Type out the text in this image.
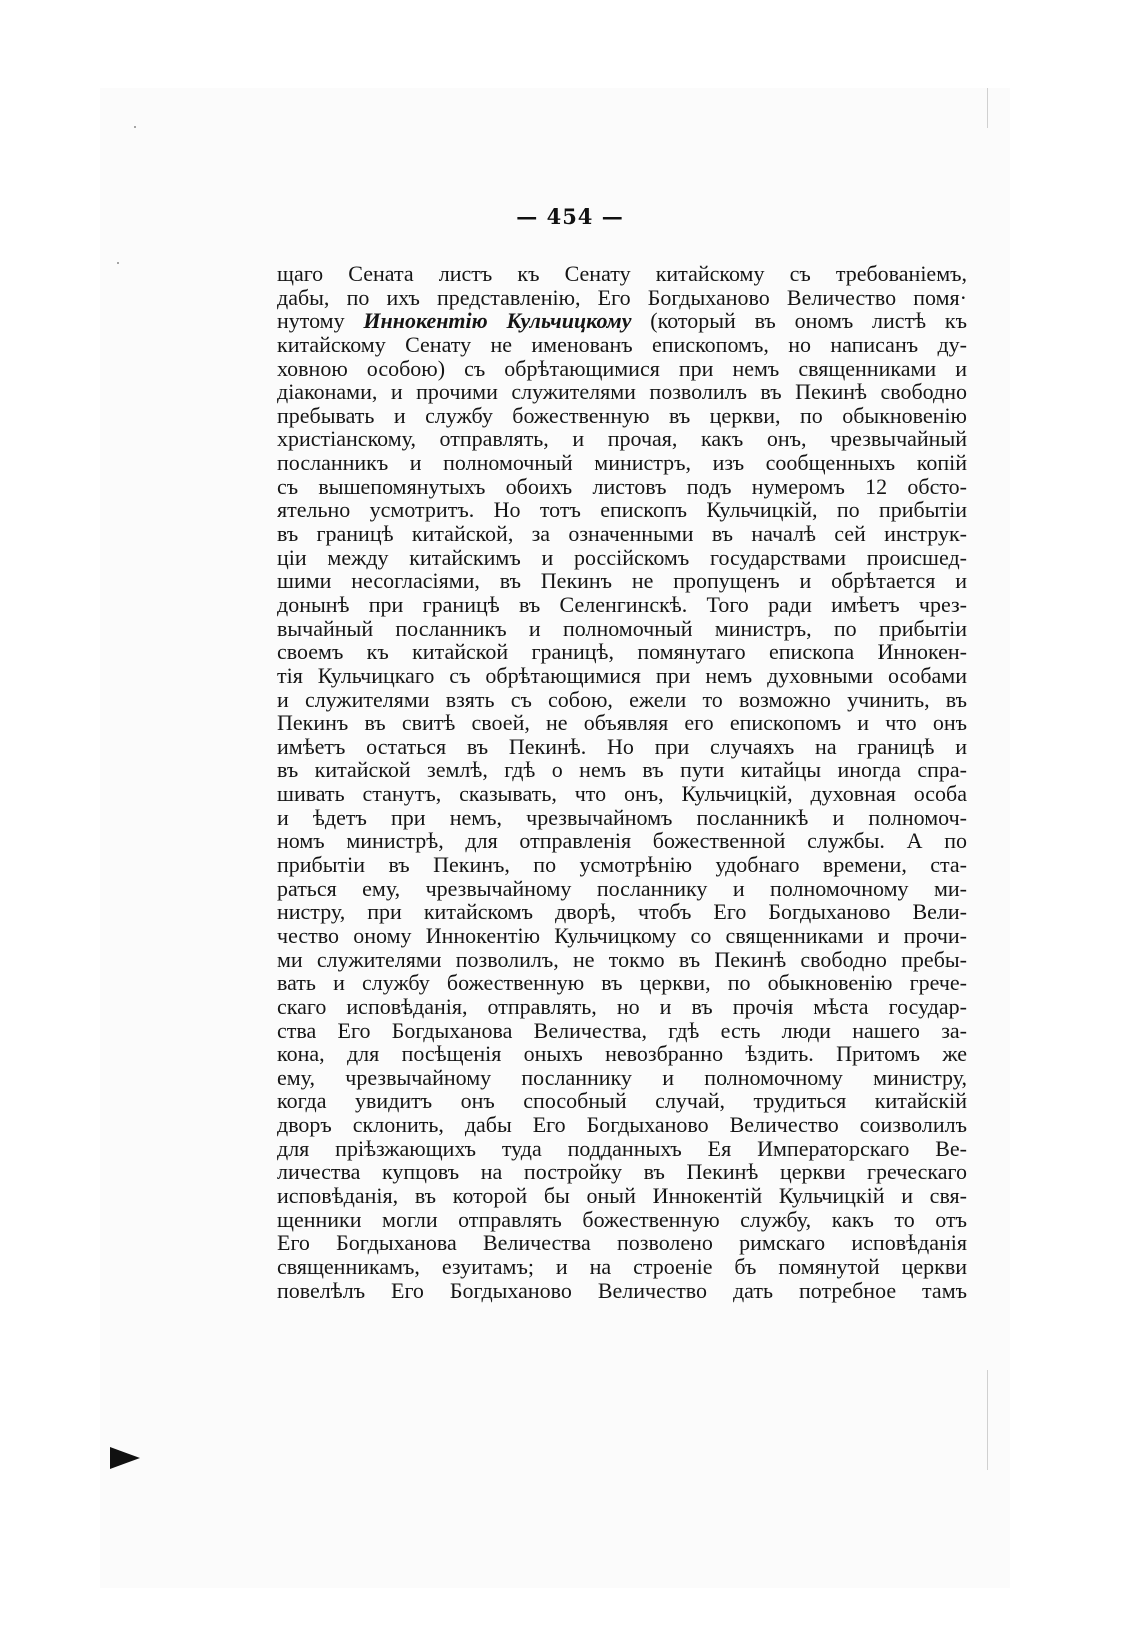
— 454 —
щаго Сената листъ къ Сенату китайскому съ требованіемъ,
дабы, по ихъ представленію, Его Богдыханово Величество помя·
нутому Иннокентію Кульчицкому (который въ ономъ листѣ къ
китайскому Сенату не именованъ епископомъ, но написанъ ду-
ховною особою) съ обрѣтающимися при немъ священниками и
діаконами, и прочими служителями позволилъ въ Пекинѣ свободно
пребывать и службу божественную въ церкви, по обыкновенію
христіанскому, отправлять, и прочая, какъ онъ, чрезвычайный
посланникъ и полномочный министръ, изъ сообщенныхъ копій
съ вышепомянутыхъ обоихъ листовъ подъ нумеромъ 12 обсто-
ятельно усмотритъ. Но тотъ епископъ Кульчицкій, по прибытіи
въ границѣ китайской, за означенными въ началѣ сей инструк-
ціи между китайскимъ и россійскомъ государствами происшед-
шими несогласіями, въ Пекинъ не пропущенъ и обрѣтается и
донынѣ при границѣ въ Селенгинскѣ. Того ради имѣетъ чрез-
вычайный посланникъ и полномочный министръ, по прибытіи
своемъ къ китайской границѣ, помянутаго епископа Иннокен-
тія Кульчицкаго съ обрѣтающимися при немъ духовными особами
и служителями взять съ собою, ежели то возможно учинить, въ
Пекинъ въ свитѣ своей, не объявляя его епископомъ и что онъ
имѣетъ остаться въ Пекинѣ. Но при случаяхъ на границѣ и
въ китайской землѣ, гдѣ о немъ въ пути китайцы иногда спра-
шивать станутъ, сказывать, что онъ, Кульчицкій, духовная особа
и ѣдетъ при немъ, чрезвычайномъ посланникѣ и полномоч-
номъ министрѣ, для отправленія божественной службы. А по
прибытіи въ Пекинъ, по усмотрѣнію удобнаго времени, ста-
раться ему, чрезвычайному посланнику и полномочному ми-
нистру, при китайскомъ дворѣ, чтобъ Его Богдыханово Вели-
чество оному Иннокентію Кульчицкому со священниками и прочи-
ми служителями позволилъ, не токмо въ Пекинѣ свободно пребы-
вать и службу божественную въ церкви, по обыкновенію грече-
скаго исповѣданія, отправлять, но и въ прочія мѣста государ-
ства Его Богдыханова Величества, гдѣ есть люди нашего за-
кона, для посѣщенія оныхъ невозбранно ѣздить. Притомъ же
ему, чрезвычайному посланнику и полномочному министру,
когда увидитъ онъ способный случай, трудиться китайскій
дворъ склонить, дабы Его Богдыханово Величество соизволилъ
для пріѣзжающихъ туда подданныхъ Ея Императорскаго Ве-
личества купцовъ на постройку въ Пекинѣ церкви греческаго
исповѣданія, въ которой бы оный Иннокентій Кульчицкій и свя-
щенники могли отправлять божественную службу, какъ то отъ
Его Богдыханова Величества позволено римскаго исповѣданія
священникамъ, езуитамъ; и на строеніе бъ помянутой церкви
повелѣлъ Его Богдыханово Величество дать потребное тамъ
